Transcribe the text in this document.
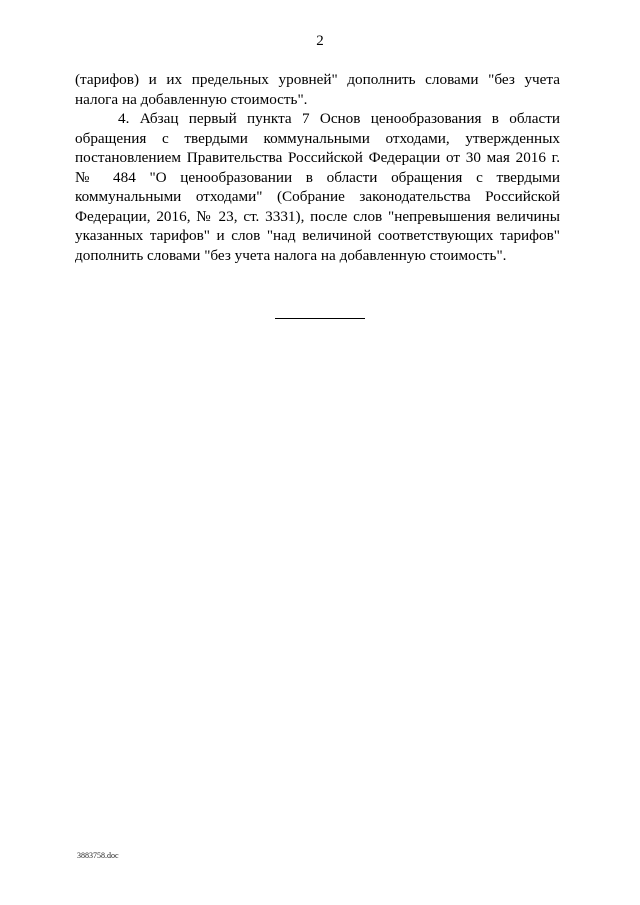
2

(тарифов) и их предельных уровней" дополнить словами "без учета налога на добавленную стоимость".

4. Абзац первый пункта 7 Основ ценообразования в области обращения с твердыми коммунальными отходами, утвержденных постановлением Правительства Российской Федерации от 30 мая 2016 г. № 484 "О ценообразовании в области обращения с твердыми коммунальными отходами" (Собрание законодательства Российской Федерации, 2016, № 23, ст. 3331), после слов "непревышения величины указанных тарифов" и слов "над величиной соответствующих тарифов" дополнить словами "без учета налога на добавленную стоимость".

3883758.doc
